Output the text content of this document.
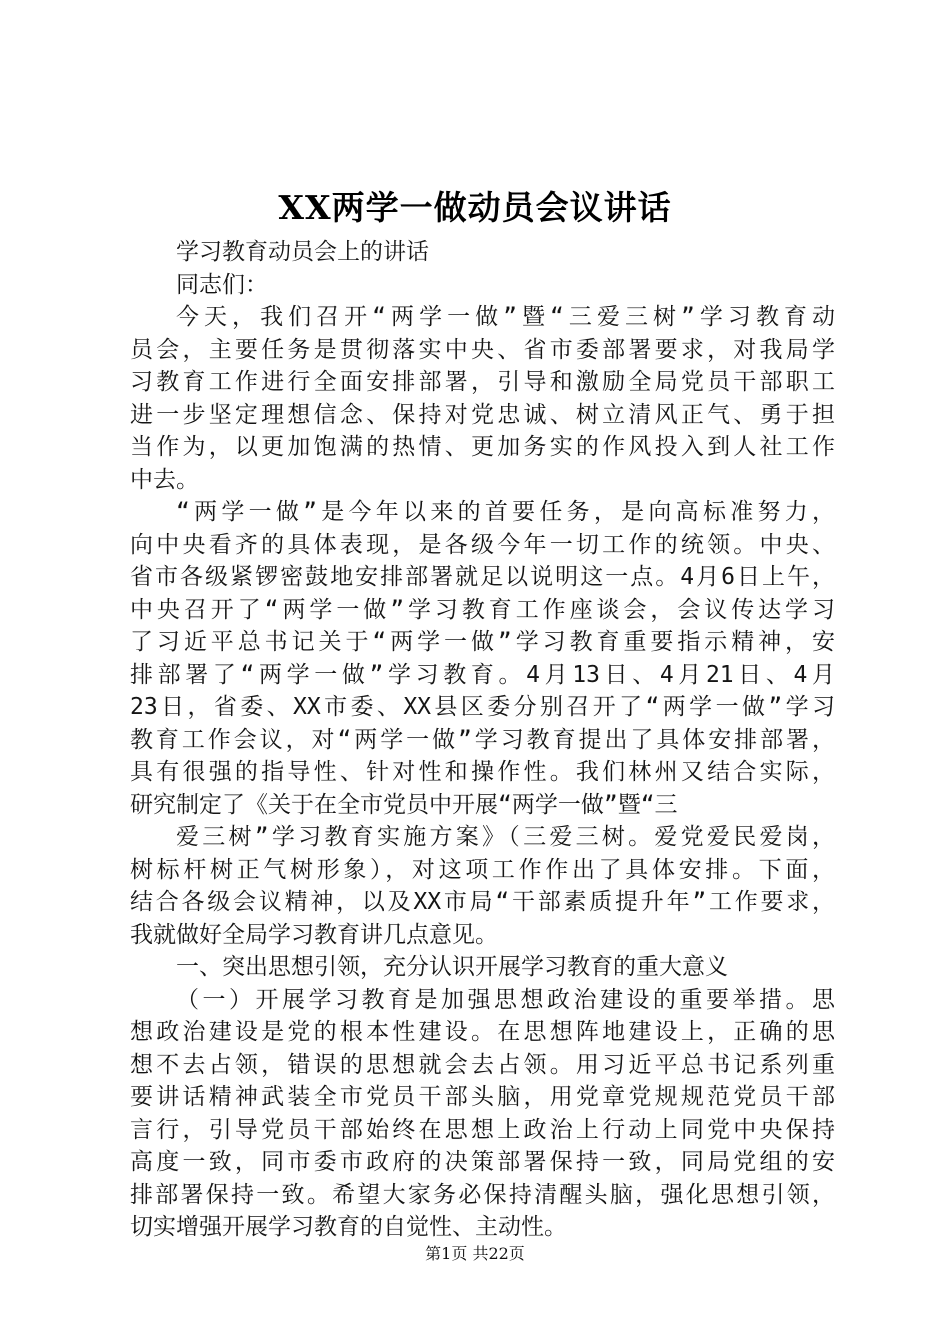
XX两学一做动员会议讲话
学习教育动员会上的讲话
同志们：
今天，我们召开“两学一做”暨“三爱三树”学习教育动
员会，主要任务是贯彻落实中央、省市委部署要求，对我局学
习教育工作进行全面安排部署，引导和激励全局党员干部职工
进一步坚定理想信念、保持对党忠诚、树立清风正气、勇于担
当作为，以更加饱满的热情、更加务实的作风投入到人社工作
中去。
“两学一做”是今年以来的首要任务，是向高标准努力，
向中央看齐的具体表现，是各级今年一切工作的统领。中央、
省市各级紧锣密鼓地安排部署就足以说明这一点。4月6日上午，
中央召开了“两学一做”学习教育工作座谈会，会议传达学习
了习近平总书记关于“两学一做”学习教育重要指示精神，安
排部署了“两学一做”学习教育。4月13日、4月21日、4月
23日，省委、XX市委、XX县区委分别召开了“两学一做”学习
教育工作会议，对“两学一做”学习教育提出了具体安排部署，
具有很强的指导性、针对性和操作性。我们林州又结合实际，
研究制定了《关于在全市党员中开展“两学一做”暨“三
爱三树”学习教育实施方案》（三爱三树。爱党爱民爱岗，
树标杆树正气树形象），对这项工作作出了具体安排。下面，
结合各级会议精神，以及XX市局“干部素质提升年”工作要求，
我就做好全局学习教育讲几点意见。
一、突出思想引领，充分认识开展学习教育的重大意义
（一）开展学习教育是加强思想政治建设的重要举措。思
想政治建设是党的根本性建设。在思想阵地建设上，正确的思
想不去占领，错误的思想就会去占领。用习近平总书记系列重
要讲话精神武装全市党员干部头脑，用党章党规规范党员干部
言行，引导党员干部始终在思想上政治上行动上同党中央保持
高度一致，同市委市政府的决策部署保持一致，同局党组的安
排部署保持一致。希望大家务必保持清醒头脑，强化思想引领，
切实增强开展学习教育的自觉性、主动性。
第1页 共22页
